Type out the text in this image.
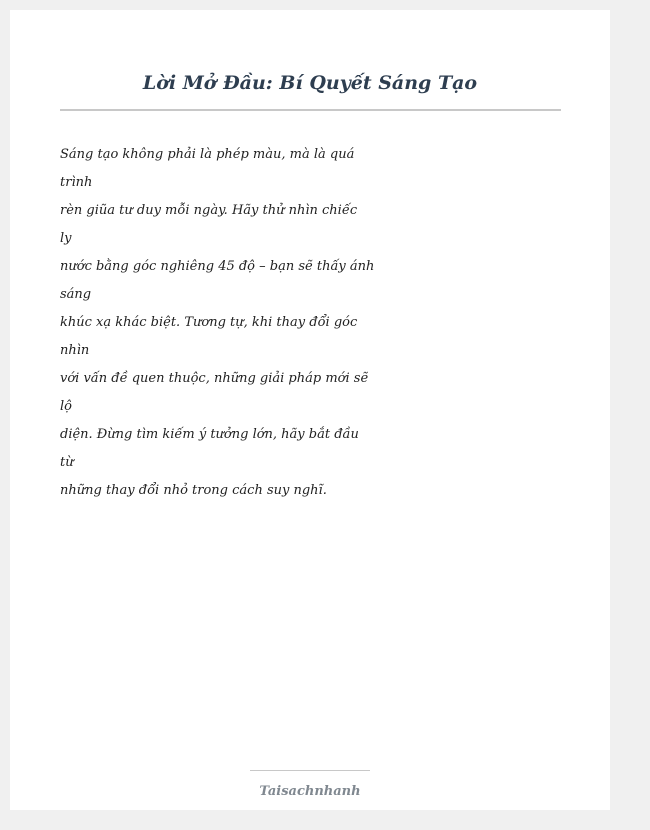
Lời Mở Đầu: Bí Quyết Sáng Tạo
Sáng tạo không phải là phép màu, mà là quá
trình
rèn giũa tư duy mỗi ngày. Hãy thử nhìn chiếc
ly
nước bằng góc nghiêng 45 độ – bạn sẽ thấy ánh
sáng
khúc xạ khác biệt. Tương tự, khi thay đổi góc
nhìn
với vấn đề quen thuộc, những giải pháp mới sẽ
lộ
diện. Đừng tìm kiếm ý tưởng lớn, hãy bắt đầu
từ
những thay đổi nhỏ trong cách suy nghĩ.
Taisachnhanh
